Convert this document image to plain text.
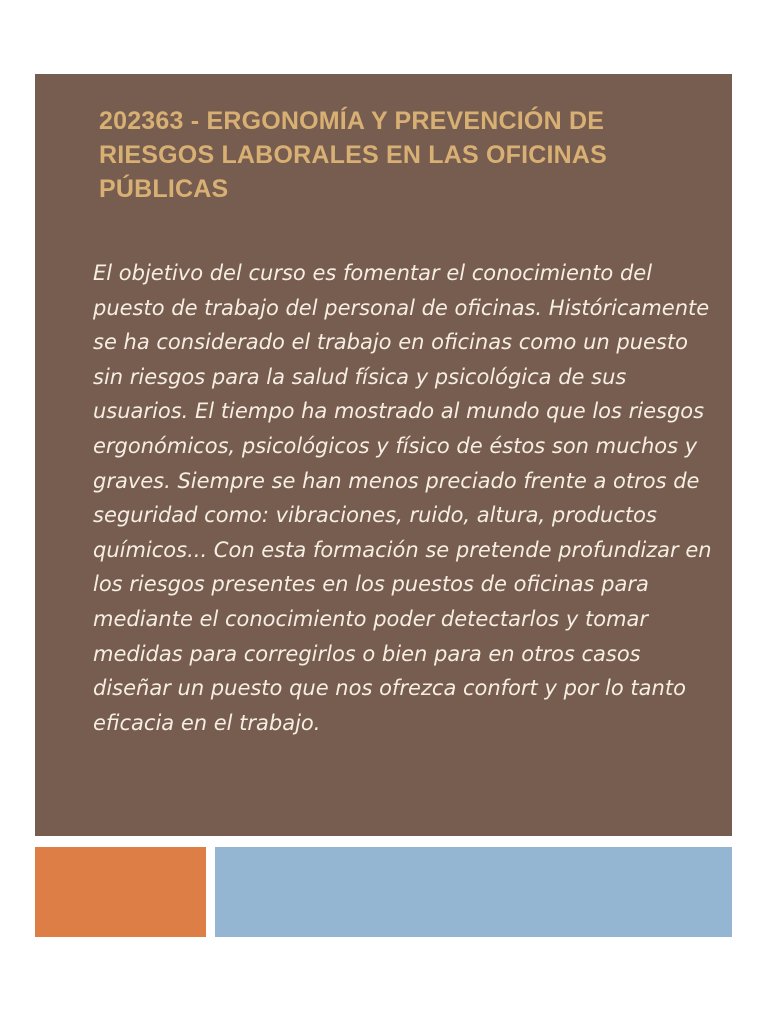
202363 - ERGONOMÍA Y PREVENCIÓN DE RIESGOS LABORALES EN LAS OFICINAS PÚBLICAS

El objetivo del curso es fomentar el conocimiento del puesto de trabajo del personal de oficinas. Históricamente se ha considerado el trabajo en oficinas como un puesto sin riesgos para la salud física y psicológica de sus usuarios. El tiempo ha mostrado al mundo que los riesgos ergonómicos, psicológicos y físico de éstos son muchos y graves. Siempre se han menos preciado frente a otros de seguridad como: vibraciones, ruido, altura, productos químicos... Con esta formación se pretende profundizar en los riesgos presentes en los puestos de oficinas para mediante el conocimiento poder detectarlos y tomar medidas para corregirlos o bien para en otros casos diseñar un puesto que nos ofrezca confort y por lo tanto eficacia en el trabajo.
